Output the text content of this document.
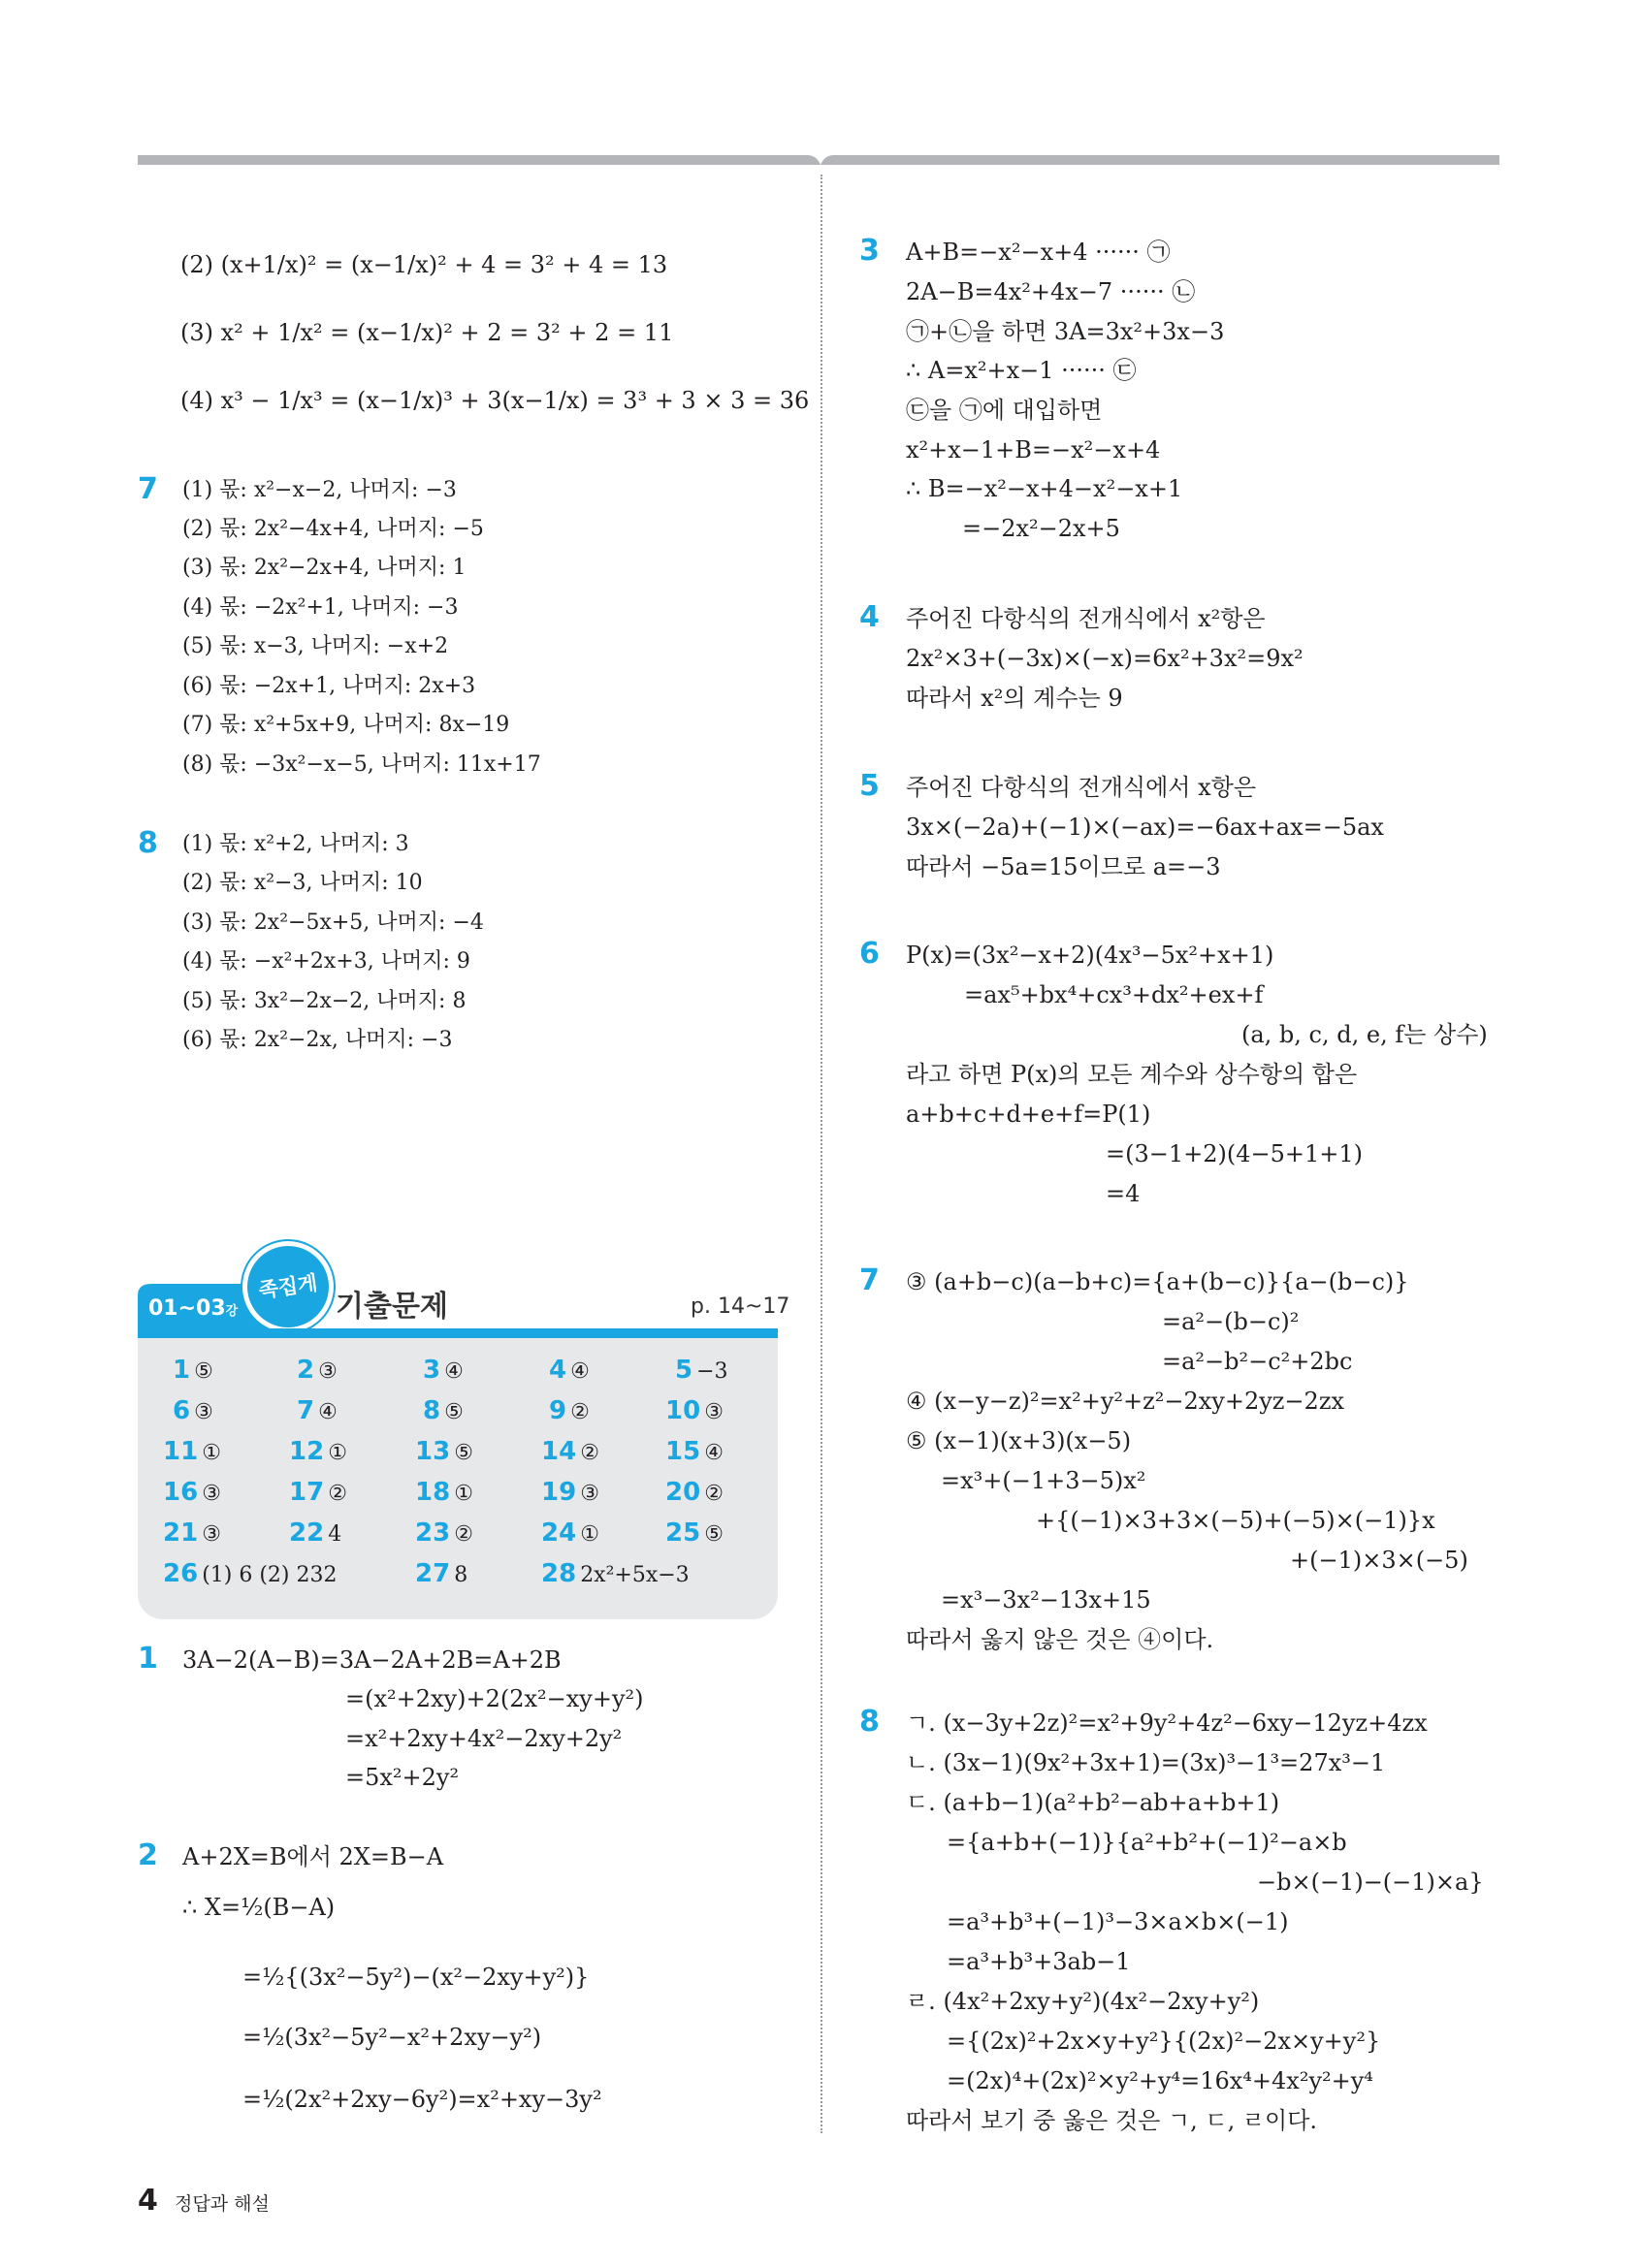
(2) (x+1/x)² = (x−1/x)² + 4 = 3² + 4 = 13
(3) x² + 1/x² = (x−1/x)² + 2 = 3² + 2 = 11
(4) x³ − 1/x³ = (x−1/x)³ + 3(x−1/x) = 3³ + 3 × 3 = 36
7 (1) 몫: x²−x−2, 나머지: −3
(2) 몫: 2x²−4x+4, 나머지: −5
(3) 몫: 2x²−2x+4, 나머지: 1
(4) 몫: −2x²+1, 나머지: −3
(5) 몫: x−3, 나머지: −x+2
(6) 몫: −2x+1, 나머지: 2x+3
(7) 몫: x²+5x+9, 나머지: 8x−19
(8) 몫: −3x²−x−5, 나머지: 11x+17
8 (1) 몫: x²+2, 나머지: 3
(2) 몫: x²−3, 나머지: 10
(3) 몫: 2x²−5x+5, 나머지: −4
(4) 몫: −x²+2x+3, 나머지: 9
(5) 몫: 3x²−2x−2, 나머지: 8
(6) 몫: 2x²−2x, 나머지: −3
01~03강
족집게
기출문제	p. 14~17
1 ⑤	2 ③	3 ④	4 ④	5 −3
6 ③	7 ④	8 ⑤	9 ②	10 ③
11 ①	12 ①	13 ⑤	14 ②	15 ④
16 ③	17 ②	18 ①	19 ③	20 ②
21 ③	22 4	23 ②	24 ①	25 ⑤
26 (1) 6 (2) 232	27 8	28 2x²+5x−3
1 3A−2(A−B)=3A−2A+2B=A+2B
=(x²+2xy)+2(2x²−xy+y²)
=x²+2xy+4x²−2xy+2y²
=5x²+2y²
2 A+2X=B에서 2X=B−A
∴ X=½(B−A)
=½{(3x²−5y²)−(x²−2xy+y²)}
=½(3x²−5y²−x²+2xy−y²)
=½(2x²+2xy−6y²)=x²+xy−3y²
3 A+B=−x²−x+4 ······ ㉠
2A−B=4x²+4x−7 ······ ㉡
㉠+㉡을 하면 3A=3x²+3x−3
∴ A=x²+x−1 ······ ㉢
㉢을 ㉠에 대입하면
x²+x−1+B=−x²−x+4
∴ B=−x²−x+4−x²−x+1
=−2x²−2x+5
4 주어진 다항식의 전개식에서 x²항은
2x²×3+(−3x)×(−x)=6x²+3x²=9x²
따라서 x²의 계수는 9
5 주어진 다항식의 전개식에서 x항은
3x×(−2a)+(−1)×(−ax)=−6ax+ax=−5ax
따라서 −5a=15이므로 a=−3
6 P(x)=(3x²−x+2)(4x³−5x²+x+1)
=ax⁵+bx⁴+cx³+dx²+ex+f
(a, b, c, d, e, f는 상수)
라고 하면 P(x)의 모든 계수와 상수항의 합은
a+b+c+d+e+f=P(1)
=(3−1+2)(4−5+1+1)
=4
7 ③ (a+b−c)(a−b+c)={a+(b−c)}{a−(b−c)}
=a²−(b−c)²
=a²−b²−c²+2bc
④ (x−y−z)²=x²+y²+z²−2xy+2yz−2zx
⑤ (x−1)(x+3)(x−5)
=x³+(−1+3−5)x²
+{(−1)×3+3×(−5)+(−5)×(−1)}x
+(−1)×3×(−5)
=x³−3x²−13x+15
따라서 옳지 않은 것은 ④이다.
8 ㄱ. (x−3y+2z)²=x²+9y²+4z²−6xy−12yz+4zx
ㄴ. (3x−1)(9x²+3x+1)=(3x)³−1³=27x³−1
ㄷ. (a+b−1)(a²+b²−ab+a+b+1)
={a+b+(−1)}{a²+b²+(−1)²−a×b
−b×(−1)−(−1)×a}
=a³+b³+(−1)³−3×a×b×(−1)
=a³+b³+3ab−1
ㄹ. (4x²+2xy+y²)(4x²−2xy+y²)
={(2x)²+2x×y+y²}{(2x)²−2x×y+y²}
=(2x)⁴+(2x)²×y²+y⁴=16x⁴+4x²y²+y⁴
따라서 보기 중 옳은 것은 ㄱ, ㄷ, ㄹ이다.
4 정답과 해설
